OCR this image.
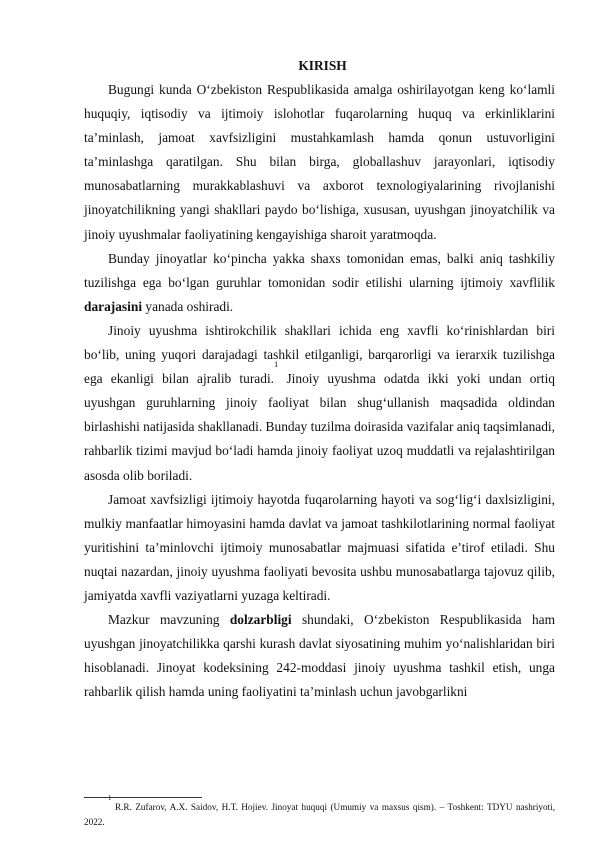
KIRISH

Bugungi kunda O‘zbekiston Respublikasida amalga oshirilayotgan keng ko‘lamli huquqiy, iqtisodiy va ijtimoiy islohotlar fuqarolarning huquq va erkinliklarini ta’minlash, jamoat xavfsizligini mustahkamlash hamda qonun ustuvorligini ta’minlashga qaratilgan. Shu bilan birga, globallashuv jarayonlari, iqtisodiy munosabatlarning murakkablashuvi va axborot texnologiyalarining rivojlanishi jinoyatchilikning yangi shakllari paydo bo‘lishiga, xususan, uyushgan jinoyatchilik va jinoiy uyushmalar faoliyatining kengayishiga sharoit yaratmoqda.

Bunday jinoyatlar ko‘pincha yakka shaxs tomonidan emas, balki aniq tashkiliy tuzilishga ega bo‘lgan guruhlar tomonidan sodir etilishi ularning ijtimoiy xavflilik darajasini yanada oshiradi.

Jinoiy uyushma ishtirokchilik shakllari ichida eng xavfli ko‘rinishlardan biri bo‘lib, uning yuqori darajadagi tashkil etilganligi, barqarorligi va ierarxik tuzilishga ega ekanligi bilan ajralib turadi.$^1$ Jinoiy uyushma odatda ikki yoki undan ortiq uyushgan guruhlarning jinoiy faoliyat bilan shug‘ullanish maqsadida oldindan birlashishi natijasida shakllanadi. Bunday tuzilma doirasida vazifalar aniq taqsimlanadi, rahbarlik tizimi mavjud bo‘ladi hamda jinoiy faoliyat uzoq muddatli va rejalashtirilgan asosda olib boriladi.

Jamoat xavfsizligi ijtimoiy hayotda fuqarolarning hayoti va sog‘lig‘i daxlsizligini, mulkiy manfaatlar himoyasini hamda davlat va jamoat tashkilotlarining normal faoliyat yuritishini ta’minlovchi ijtimoiy munosabatlar majmuasi sifatida e’tirof etiladi. Shu nuqtai nazardan, jinoiy uyushma faoliyati bevosita ushbu munosabatlarga tajovuz qilib, jamiyatda xavfli vaziyatlarni yuzaga keltiradi.

Mazkur mavzuning dolzarbligi shundaki, O‘zbekiston Respublikasida ham uyushgan jinoyatchilikka qarshi kurash davlat siyosatining muhim yo‘nalishlaridan biri hisoblanadi. Jinoyat kodeksining 242-moddasi jinoiy uyushma tashkil etish, unga rahbarlik qilish hamda uning faoliyatini ta’minlash uchun javobgarlikni

$^1$ R.R. Zufarov, A.X. Saidov, H.T. Hojiev. Jinoyat huquqi (Umumiy va maxsus qism). – Toshkent: TDYU nashriyoti, 2022.
